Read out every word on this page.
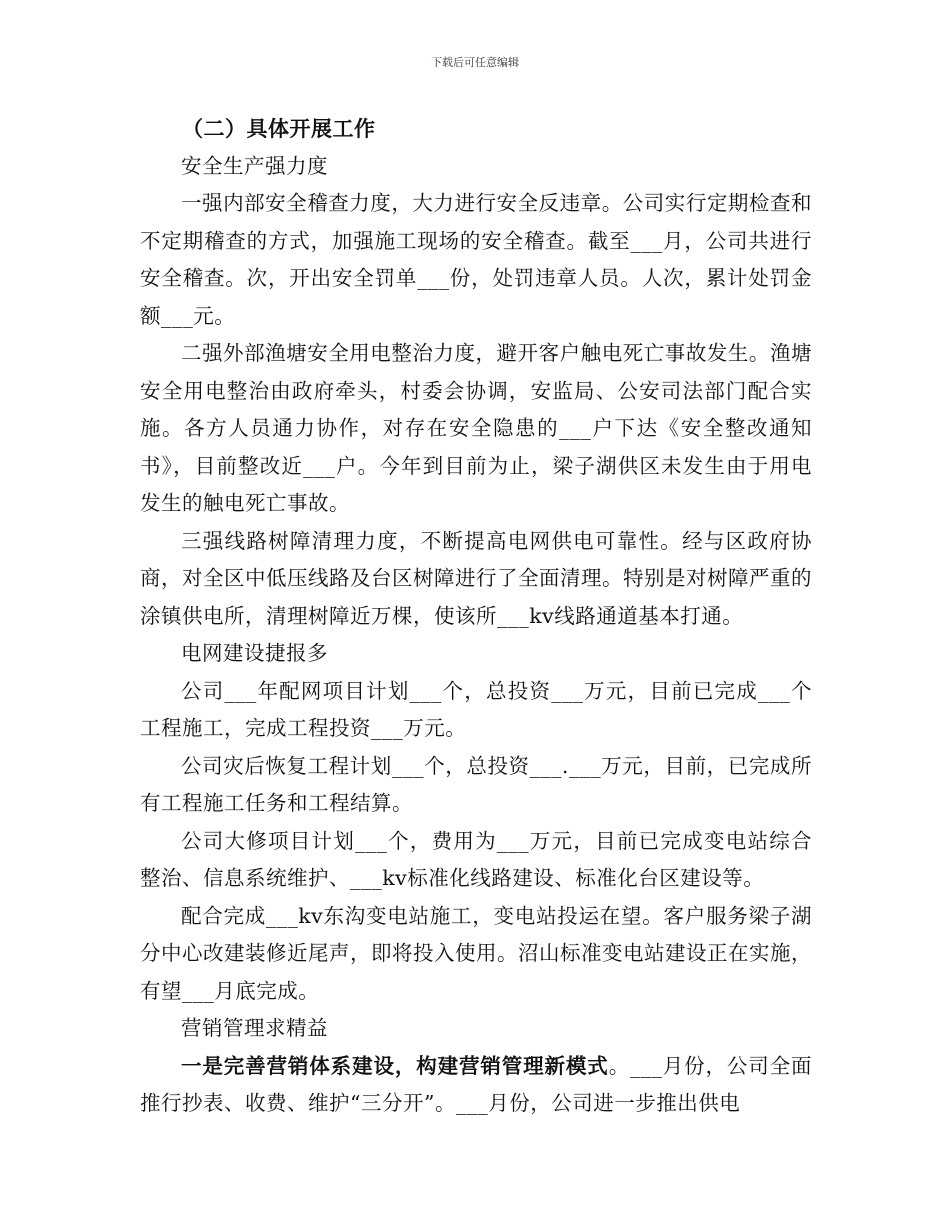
下载后可任意编辑

（二）具体开展工作

安全生产强力度

一强内部安全稽查力度，大力进行安全反违章。公司实行定期检查和不定期稽查的方式，加强施工现场的安全稽查。截至___月，公司共进行安全稽查。次，开出安全罚单___份，处罚违章人员。人次，累计处罚金额___元。

二强外部渔塘安全用电整治力度，避开客户触电死亡事故发生。渔塘安全用电整治由政府牵头，村委会协调，安监局、公安司法部门配合实施。各方人员通力协作，对存在安全隐患的___户下达《安全整改通知书》，目前整改近___户。今年到目前为止，梁子湖供区未发生由于用电发生的触电死亡事故。

三强线路树障清理力度，不断提高电网供电可靠性。经与区政府协商，对全区中低压线路及台区树障进行了全面清理。特别是对树障严重的涂镇供电所，清理树障近万棵，使该所___kv线路通道基本打通。

电网建设捷报多

公司___年配网项目计划___个，总投资___万元，目前已完成___个工程施工，完成工程投资___万元。

公司灾后恢复工程计划___个，总投资___.___万元，目前，已完成所有工程施工任务和工程结算。

公司大修项目计划___个，费用为___万元，目前已完成变电站综合整治、信息系统维护、___kv标准化线路建设、标准化台区建设等。

配合完成___kv东沟变电站施工，变电站投运在望。客户服务梁子湖分中心改建装修近尾声，即将投入使用。沼山标准变电站建设正在实施，有望___月底完成。

营销管理求精益

一是完善营销体系建设，构建营销管理新模式。___月份，公司全面推行抄表、收费、维护“三分开”。___月份，公司进一步推出供电
